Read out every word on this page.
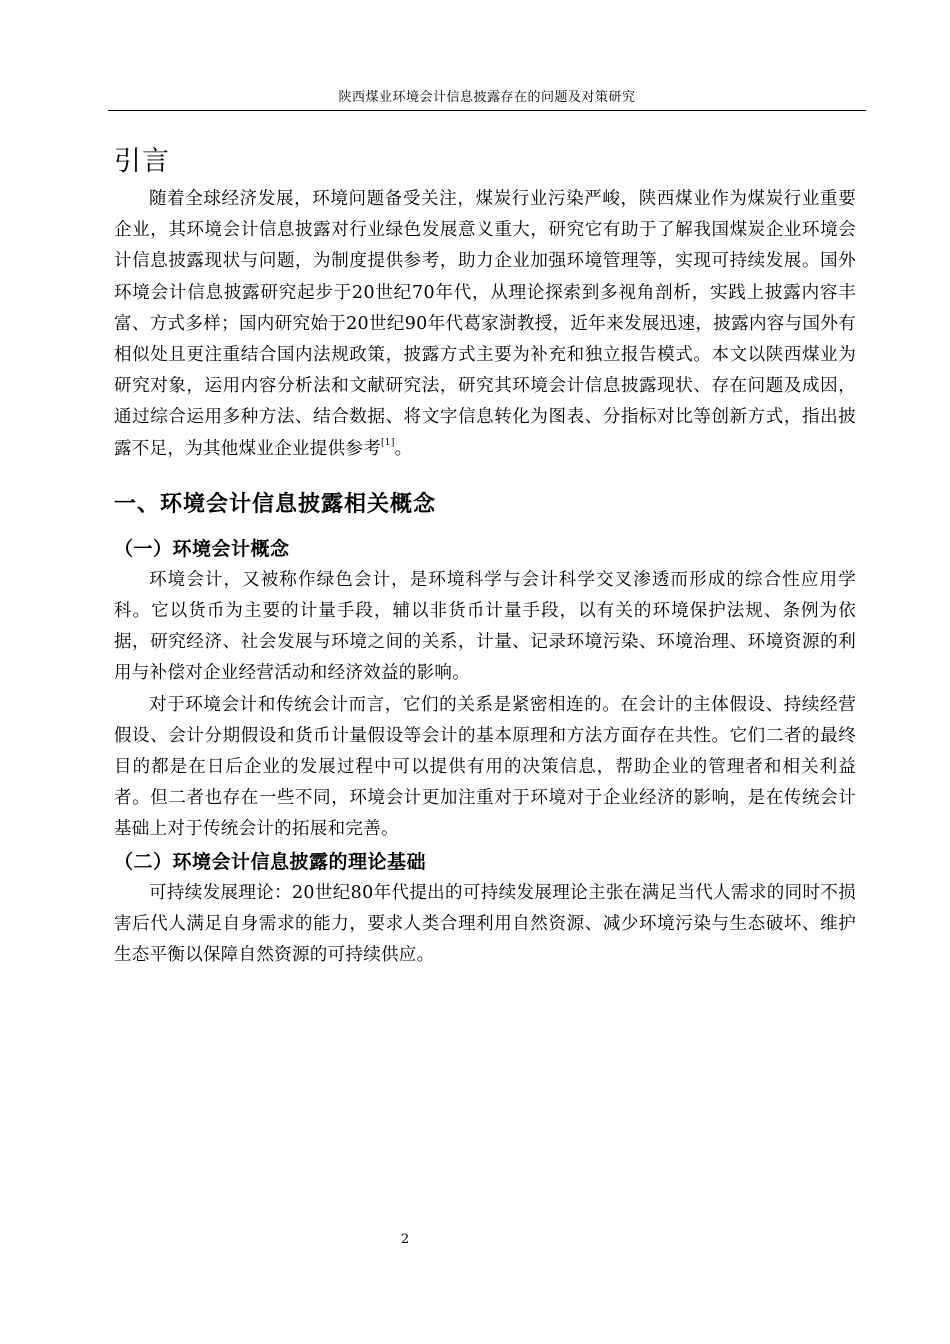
陕西煤业环境会计信息披露存在的问题及对策研究
引言

随着全球经济发展，环境问题备受关注，煤炭行业污染严峻，陕西煤业作为煤炭行业重要企业，其环境会计信息披露对行业绿色发展意义重大，研究它有助于了解我国煤炭企业环境会计信息披露现状与问题，为制度提供参考，助力企业加强环境管理等，实现可持续发展。国外环境会计信息披露研究起步于20世纪70年代，从理论探索到多视角剖析，实践上披露内容丰富、方式多样；国内研究始于20世纪90年代葛家澍教授，近年来发展迅速，披露内容与国外有相似处且更注重结合国内法规政策，披露方式主要为补充和独立报告模式。本文以陕西煤业为研究对象，运用内容分析法和文献研究法，研究其环境会计信息披露现状、存在问题及成因，通过综合运用多种方法、结合数据、将文字信息转化为图表、分指标对比等创新方式，指出披露不足，为其他煤业企业提供参考[1]。

一、环境会计信息披露相关概念
（一）环境会计概念

环境会计，又被称作绿色会计，是环境科学与会计科学交叉渗透而形成的综合性应用学科。它以货币为主要的计量手段，辅以非货币计量手段，以有关的环境保护法规、条例为依据，研究经济、社会发展与环境之间的关系，计量、记录环境污染、环境治理、环境资源的利用与补偿对企业经营活动和经济效益的影响。

对于环境会计和传统会计而言，它们的关系是紧密相连的。在会计的主体假设、持续经营假设、会计分期假设和货币计量假设等会计的基本原理和方法方面存在共性。它们二者的最终目的都是在日后企业的发展过程中可以提供有用的决策信息，帮助企业的管理者和相关利益者。但二者也存在一些不同，环境会计更加注重对于环境对于企业经济的影响，是在传统会计基础上对于传统会计的拓展和完善。

（二）环境会计信息披露的理论基础

可持续发展理论：20世纪80年代提出的可持续发展理论主张在满足当代人需求的同时不损害后代人满足自身需求的能力，要求人类合理利用自然资源、减少环境污染与生态破坏、维护生态平衡以保障自然资源的可持续供应。

2
